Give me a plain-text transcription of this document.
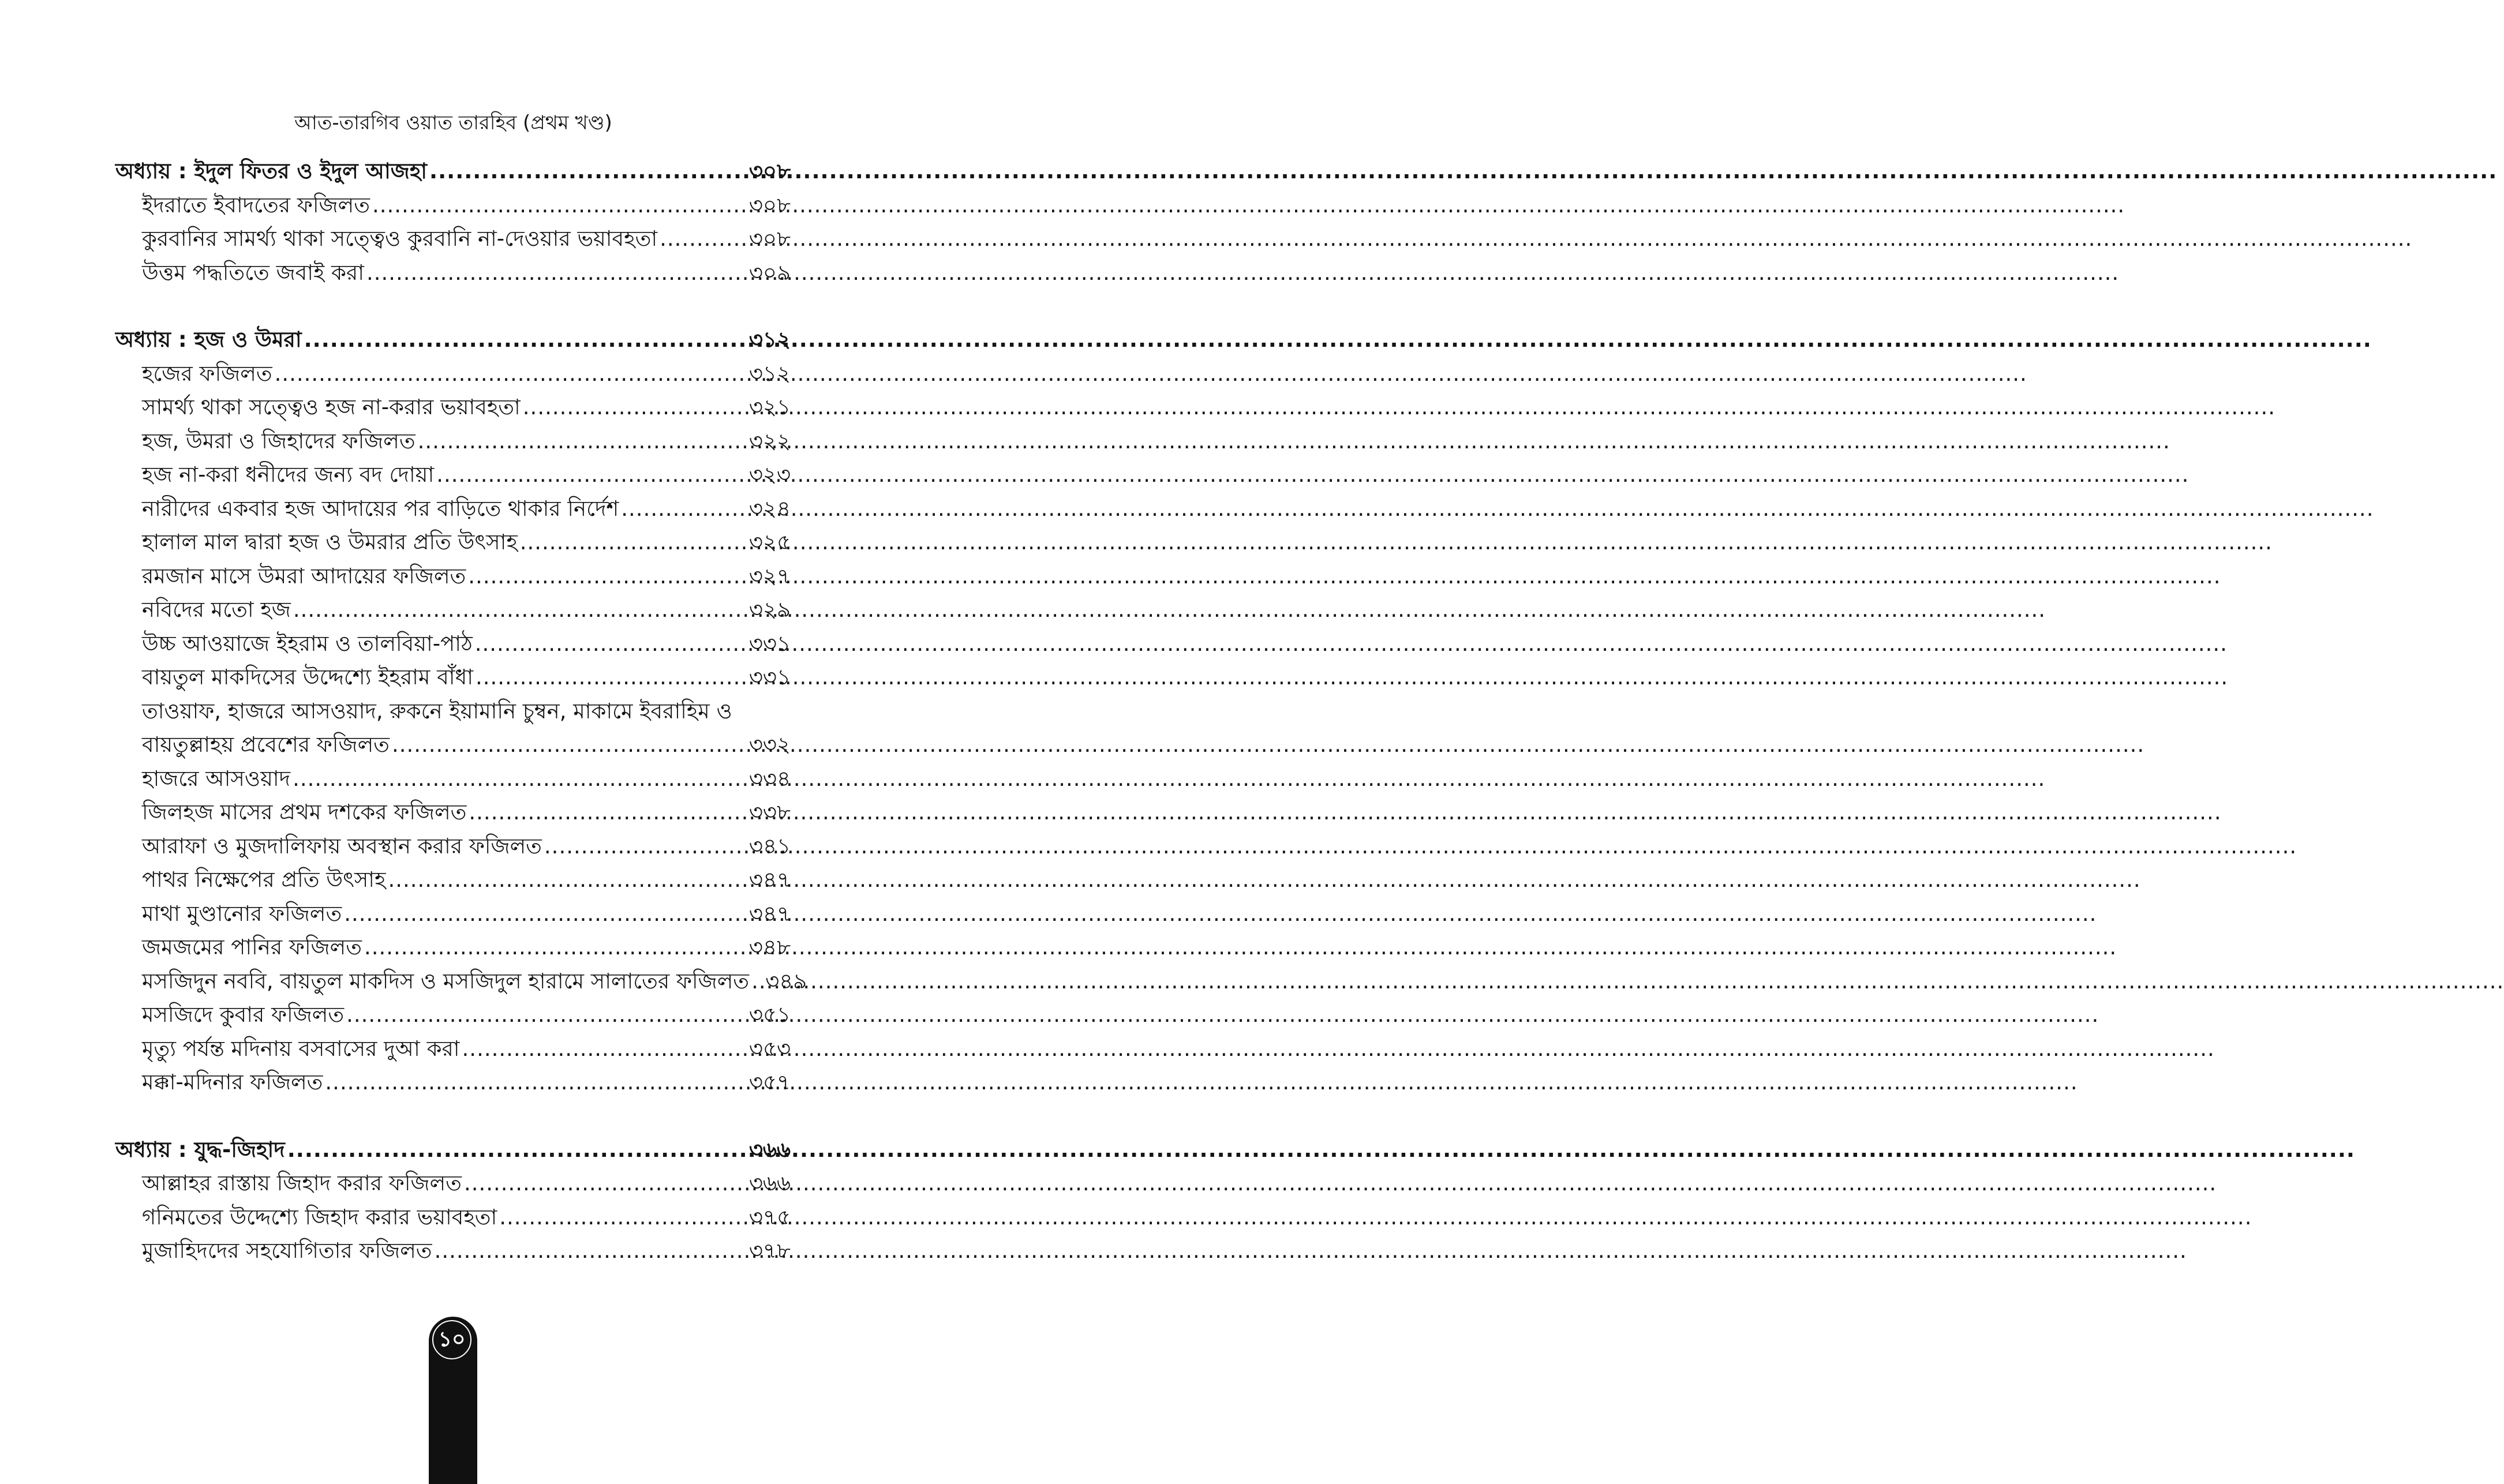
আত-তারগিব ওয়াত তারহিব (প্রথম খণ্ড)
অধ্যায় : ইদুল ফিতর ও ইদুল আজহা .....	৩০৮
ইদরাতে ইবাদতের ফজিলত .....	৩০৮
কুরবানির সামর্থ্য থাকা সত্ত্বেও কুরবানি না-দেওয়ার ভয়াবহতা .....	৩০৮
উত্তম পদ্ধতিতে জবাই করা .....	৩০৯
অধ্যায় : হজ ও উমরা .....	৩১২
হজের ফজিলত .....	৩১২
সামর্থ্য থাকা সত্ত্বেও হজ না-করার ভয়াবহতা .....	৩২১
হজ, উমরা ও জিহাদের ফজিলত .....	৩২২
হজ না-করা ধনীদের জন্য বদ দোয়া .....	৩২৩
নারীদের একবার হজ আদায়ের পর বাড়িতে থাকার নির্দেশ .....	৩২৪
হালাল মাল দ্বারা হজ ও উমরার প্রতি উৎসাহ .....	৩২৫
রমজান মাসে উমরা আদায়ের ফজিলত .....	৩২৭
নবিদের মতো হজ .....	৩২৯
উচ্চ আওয়াজে ইহরাম ও তালবিয়া-পাঠ .....	৩৩১
বায়তুল মাকদিসের উদ্দেশ্যে ইহরাম বাঁধা .....	৩৩১
তাওয়াফ, হাজরে আসওয়াদ, রুকনে ইয়ামানি চুম্বন, মাকামে ইবরাহিম ও
বায়তুল্লাহয় প্রবেশের ফজিলত .....	৩৩২
হাজরে আসওয়াদ .....	৩৩৪
জিলহজ মাসের প্রথম দশকের ফজিলত .....	৩৩৮
আরাফা ও মুজদালিফায় অবস্থান করার ফজিলত .....	৩৪১
পাথর নিক্ষেপের প্রতি উৎসাহ .....	৩৪৭
মাথা মুণ্ডানোর ফজিলত .....	৩৪৭
জমজমের পানির ফজিলত .....	৩৪৮
মসজিদুন নববি, বায়তুল মাকদিস ও মসজিদুল হারামে সালাতের ফজিলত ..... ৩৪৯
মসজিদে কুবার ফজিলত .....	৩৫১
মৃত্যু পর্যন্ত মদিনায় বসবাসের দুআ করা .....	৩৫৩
মক্কা-মদিনার ফজিলত .....	৩৫৭
অধ্যায় : যুদ্ধ-জিহাদ .....	৩৬৬
আল্লাহর রাস্তায় জিহাদ করার ফজিলত .....	৩৬৬
গনিমতের উদ্দেশ্যে জিহাদ করার ভয়াবহতা .....	৩৭৫
মুজাহিদদের সহযোগিতার ফজিলত .....	৩৭৮
১০
